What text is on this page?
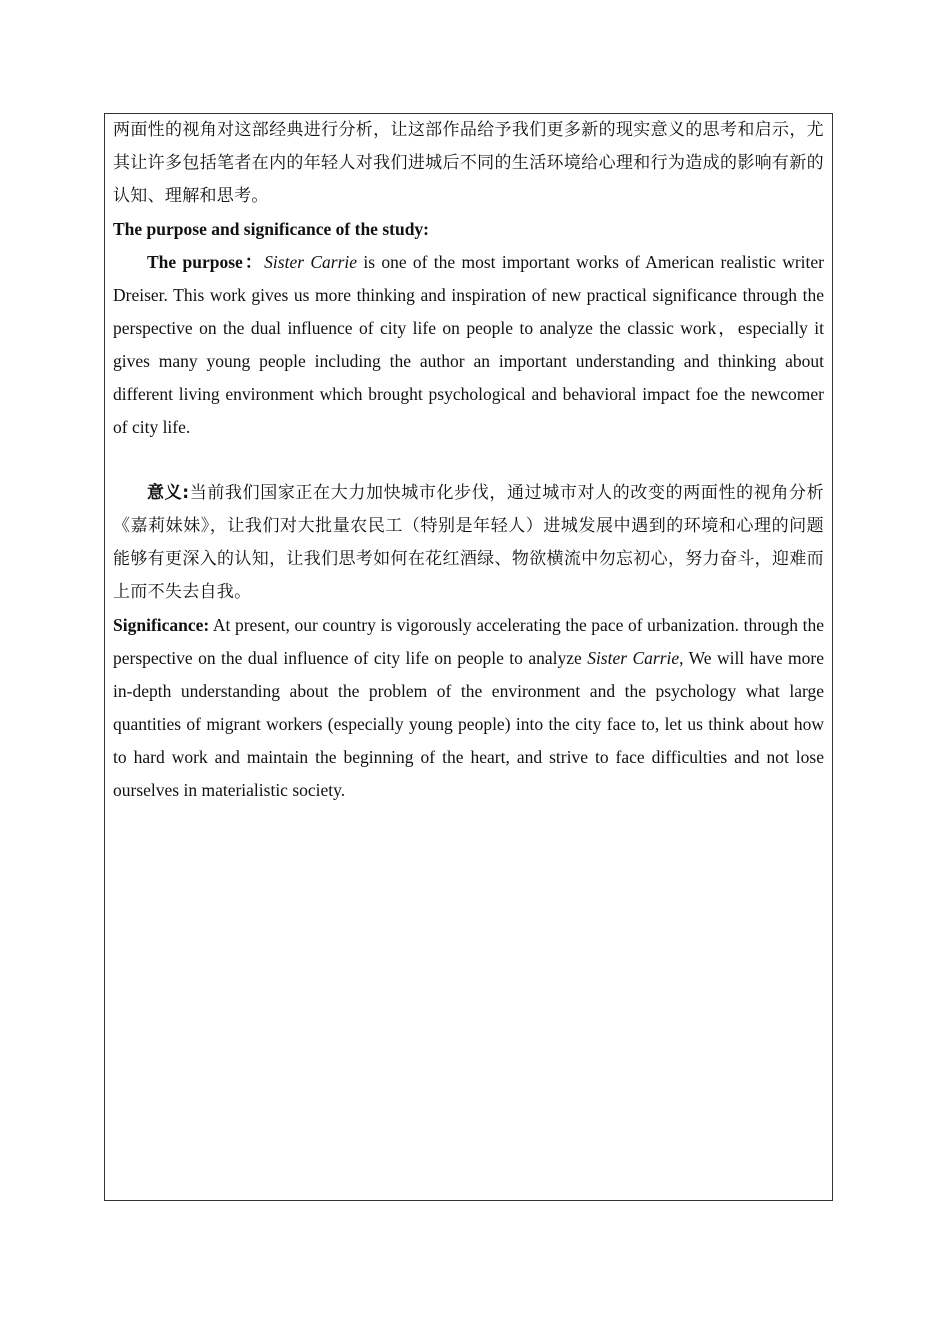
两面性的视角对这部经典进行分析，让这部作品给予我们更多新的现实意义的思考和启示，尤其让许多包括笔者在内的年轻人对我们进城后不同的生活环境给心理和行为造成的影响有新的认知、理解和思考。

The purpose and significance of the study:

The purpose：Sister Carrie is one of the most important works of American realistic writer Dreiser. This work gives us more thinking and inspiration of new practical significance through the perspective on the dual influence of city life on people to analyze the classic work，especially it gives many young people including the author an important understanding and thinking about different living environment which brought psychological and behavioral impact foe the newcomer of city life.

意义:当前我们国家正在大力加快城市化步伐，通过城市对人的改变的两面性的视角分析《嘉莉妹妹》，让我们对大批量农民工（特别是年轻人）进城发展中遇到的环境和心理的问题能够有更深入的认知，让我们思考如何在花红酒绿、物欲横流中勿忘初心，努力奋斗，迎难而上而不失去自我。

Significance: At present, our country is vigorously accelerating the pace of urbanization. through the perspective on the dual influence of city life on people to analyze Sister Carrie, We will have more in-depth understanding about the problem of the environment and the psychology what large quantities of migrant workers (especially young people) into the city face to, let us think about how to hard work and maintain the beginning of the heart, and strive to face difficulties and not lose ourselves in materialistic society.
